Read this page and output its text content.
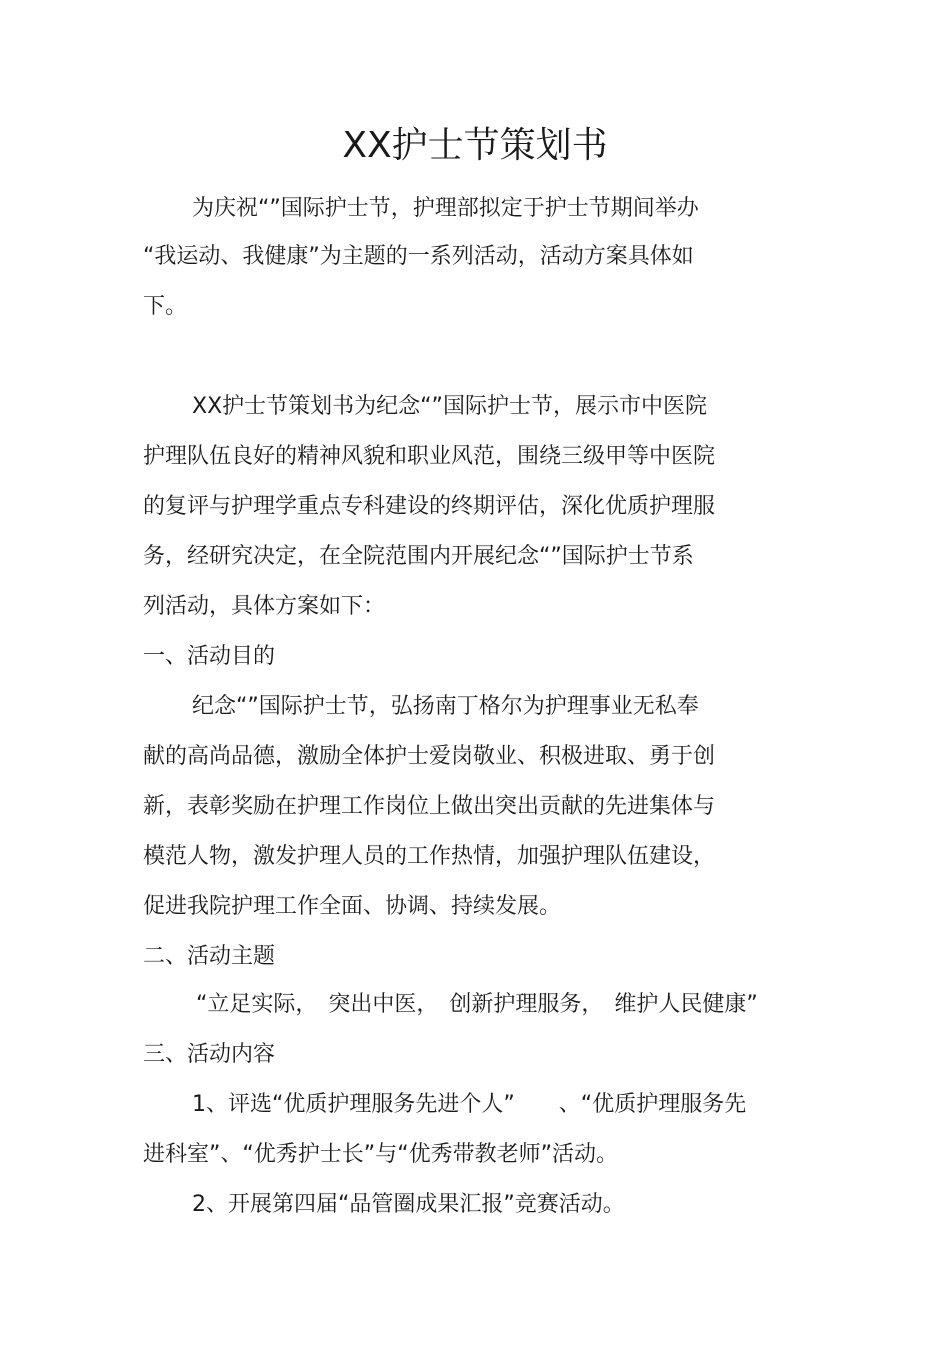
XX护士节策划书
为庆祝“”国际护士节，护理部拟定于护士节期间举办
“我运动、我健康”为主题的一系列活动，活动方案具体如
下。
XX护士节策划书为纪念“”国际护士节，展示市中医院
护理队伍良好的精神风貌和职业风范，围绕三级甲等中医院
的复评与护理学重点专科建设的终期评估，深化优质护理服
务，经研究决定，在全院范围内开展纪念“”国际护士节系
列活动，具体方案如下：
一、活动目的
纪念“”国际护士节，弘扬南丁格尔为护理事业无私奉
献的高尚品德，激励全体护士爱岗敬业、积极进取、勇于创
新，表彰奖励在护理工作岗位上做出突出贡献的先进集体与
模范人物，激发护理人员的工作热情，加强护理队伍建设，
促进我院护理工作全面、协调、持续发展。
二、活动主题
“立足实际，　突出中医，　创新护理服务，　维护人民健康”
三、活动内容
1、评选“优质护理服务先进个人”　　、“优质护理服务先
进科室”、“优秀护士长”与“优秀带教老师”活动。
2、开展第四届“品管圈成果汇报”竞赛活动。
